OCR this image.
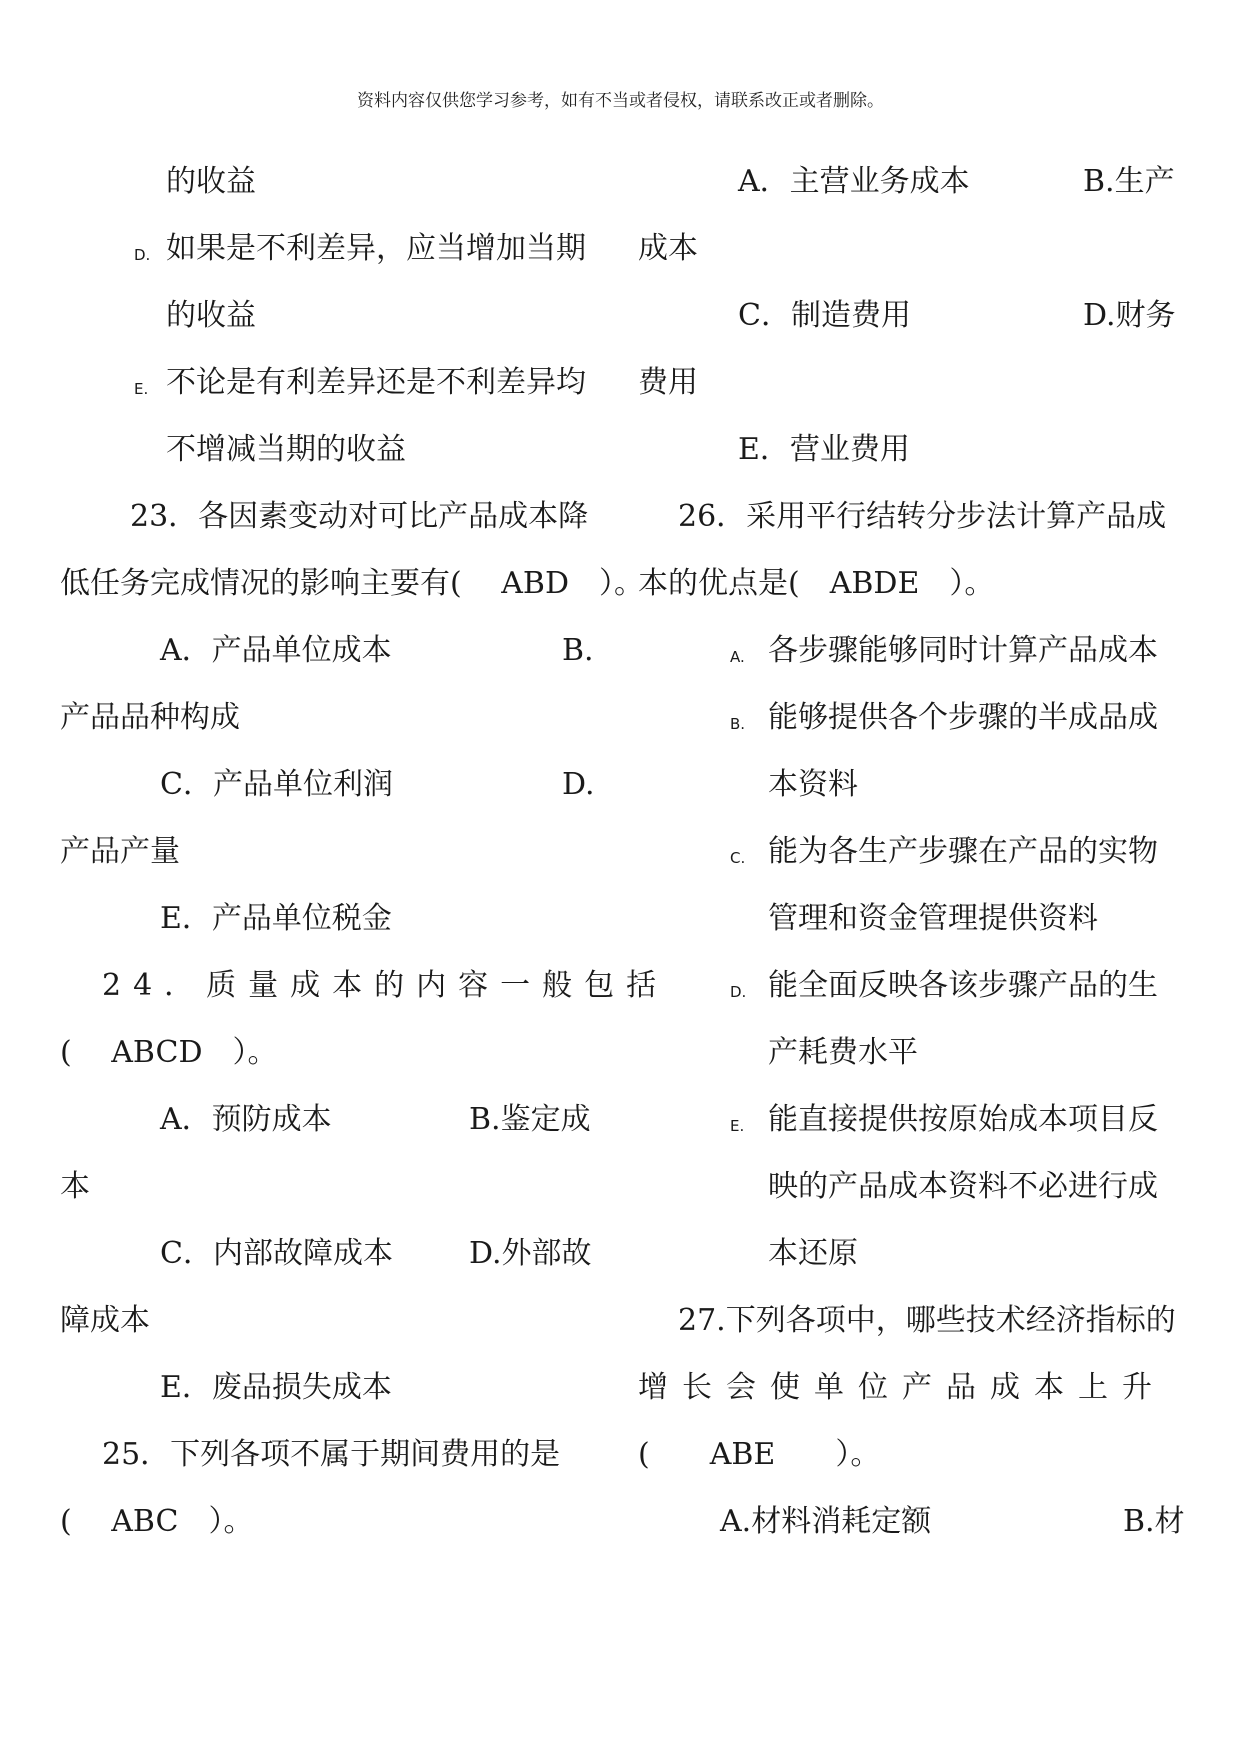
资料内容仅供您学习参考，如有不当或者侵权，请联系改正或者删除。
的收益
D. 如果是不利差异，应当增加当期
的收益
E. 不论是有利差异还是不利差异均
不增减当期的收益
23．各因素变动对可比产品成本降
低任务完成情况的影响主要有(　 ABD　）。
A．产品单位成本	B.
产品品种构成
C．产品单位利润	D.
产品产量
E．产品单位税金
24．质量成本的内容一般包括
(　 ABCD　）。
A．预防成本	B.鉴定成
本
C．内部故障成本	D.外部故
障成本
E．废品损失成本
25．下列各项不属于期间费用的是
(　 ABC　）。
A．主营业务成本	B.生产
成本
C．制造费用	D.财务
费用
E．营业费用
26．采用平行结转分步法计算产品成
本的优点是(　ABDE　）。
A. 各步骤能够同时计算产品成本
B. 能够提供各个步骤的半成品成
本资料
C. 能为各生产步骤在产品的实物
管理和资金管理提供资料
D. 能全面反映各该步骤产品的生
产耗费水平
E. 能直接提供按原始成本项目反
映的产品成本资料不必进行成
本还原
27.下列各项中，哪些技术经济指标的
增长会使单位产品成本上升
(　　ABE　　）。
A.材料消耗定额	B.材
